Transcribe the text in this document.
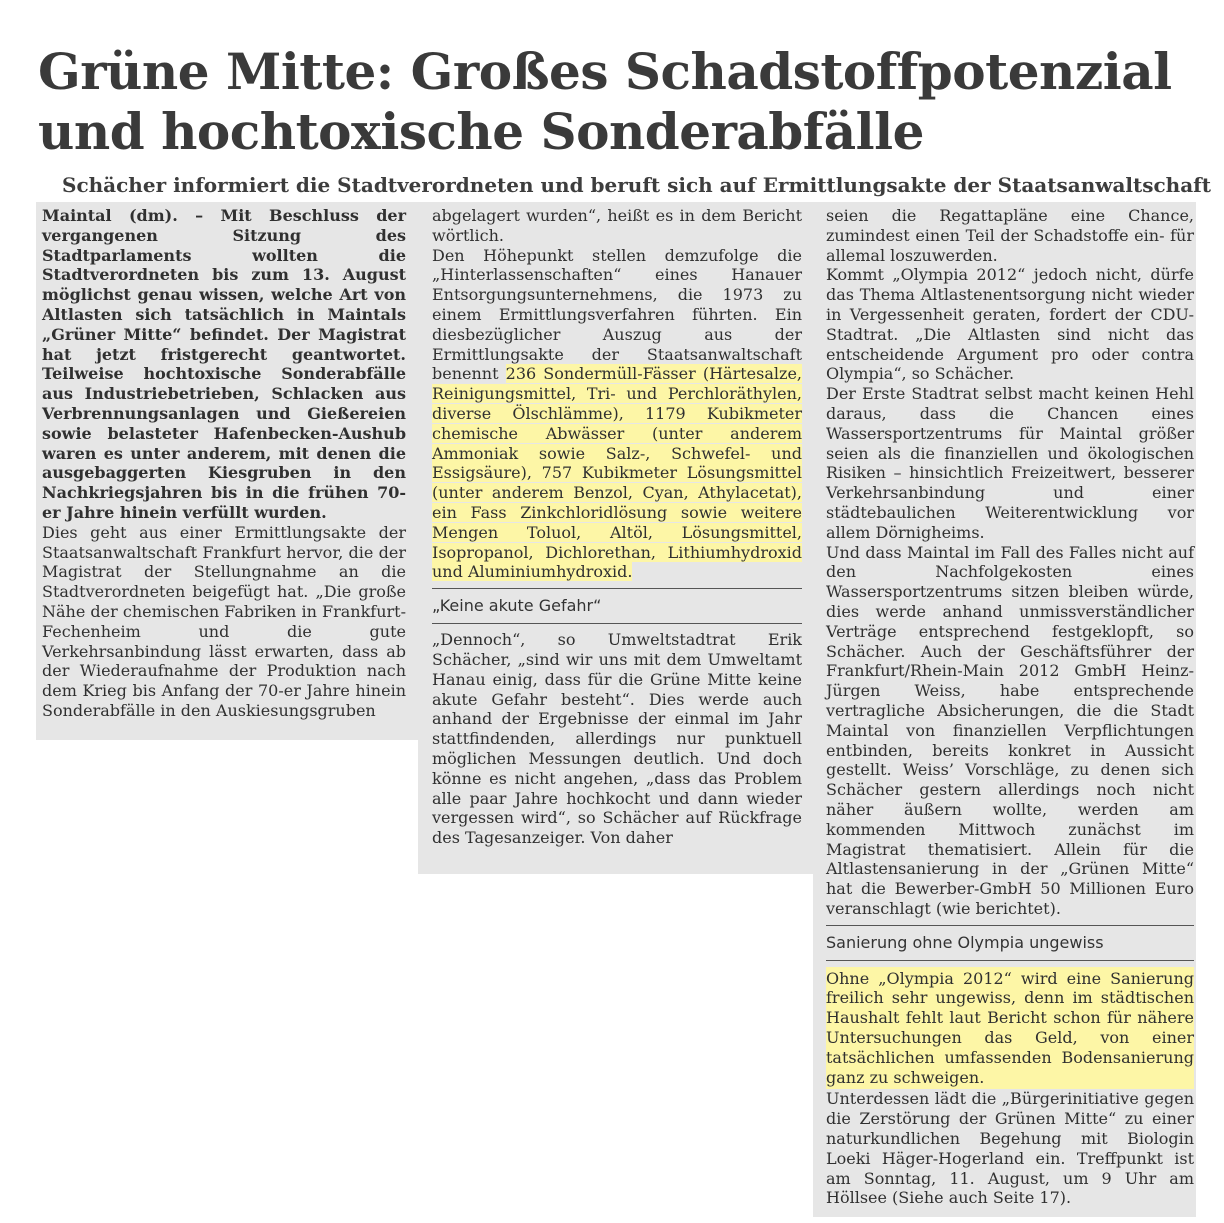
Grüne Mitte: Großes Schadstoffpotenzial und hochtoxische Sonderabfälle
Schächer informiert die Stadtverordneten und beruft sich auf Ermittlungsakte der Staatsanwaltschaft

Maintal (dm). – Mit Beschluss der vergangenen Sitzung des Stadtparlaments wollten die Stadtverordneten bis zum 13. August möglichst genau wissen, welche Art von Altlasten sich tatsächlich in Maintals „Grüner Mitte“ befindet. Der Magistrat hat jetzt fristgerecht geantwortet. Teilweise hochtoxische Sonderabfälle aus Industriebetrieben, Schlacken aus Verbrennungsanlagen und Gießereien sowie belasteter Hafenbecken-Aushub waren es unter anderem, mit denen die ausgebaggerten Kiesgruben in den Nachkriegsjahren bis in die frühen 70-er Jahre hinein verfüllt wurden.

Dies geht aus einer Ermittlungsakte der Staatsanwaltschaft Frankfurt hervor, die der Magistrat der Stellungnahme an die Stadtverordneten beigefügt hat. „Die große Nähe der chemischen Fabriken in Frankfurt-Fechenheim und die gute Verkehrsanbindung lässt erwarten, dass ab der Wiederaufnahme der Produktion nach dem Krieg bis Anfang der 70-er Jahre hinein Sonderabfälle in den Auskiesungsgruben

abgelagert wurden“, heißt es in dem Bericht wörtlich.

Den Höhepunkt stellen demzufolge die „Hinterlassenschaften“ eines Hanauer Entsorgungsunternehmens, die 1973 zu einem Ermittlungsverfahren führten. Ein diesbezüglicher Auszug aus der Ermittlungsakte der Staatsanwaltschaft benennt 236 Sondermüll-Fässer (Härtesalze, Reinigungsmittel, Tri- und Perchloräthylen, diverse Ölschlämme), 1179 Kubikmeter chemische Abwässer (unter anderem Ammoniak sowie Salz-, Schwefel- und Essigsäure), 757 Kubikmeter Lösungsmittel (unter anderem Benzol, Cyan, Athylacetat), ein Fass Zinkchloridlösung sowie weitere Mengen Toluol, Altöl, Lösungsmittel, Isopropanol, Dichlorethan, Lithiumhydroxid und Aluminiumhydroxid.

„Keine akute Gefahr“

„Dennoch“, so Umweltstadtrat Erik Schächer, „sind wir uns mit dem Umweltamt Hanau einig, dass für die Grüne Mitte keine akute Gefahr besteht“. Dies werde auch anhand der Ergebnisse der einmal im Jahr stattfindenden, allerdings nur punktuell möglichen Messungen deutlich. Und doch könne es nicht angehen, „dass das Problem alle paar Jahre hochkocht und dann wieder vergessen wird“, so Schächer auf Rückfrage des Tagesanzeiger. Von daher

seien die Regattapläne eine Chance, zumindest einen Teil der Schadstoffe ein- für allemal loszuwerden.

Kommt „Olympia 2012“ jedoch nicht, dürfe das Thema Altlastenentsorgung nicht wieder in Vergessenheit geraten, fordert der CDU-Stadtrat. „Die Altlasten sind nicht das entscheidende Argument pro oder contra Olympia“, so Schächer.

Der Erste Stadtrat selbst macht keinen Hehl daraus, dass die Chancen eines Wassersportzentrums für Maintal größer seien als die finanziellen und ökologischen Risiken – hinsichtlich Freizeitwert, besserer Verkehrsanbindung und einer städtebaulichen Weiterentwicklung vor allem Dörnigheims.

Und dass Maintal im Fall des Falles nicht auf den Nachfolgekosten eines Wassersportzentrums sitzen bleiben würde, dies werde anhand unmissverständlicher Verträge entsprechend festgeklopft, so Schächer. Auch der Geschäftsführer der Frankfurt/Rhein-Main 2012 GmbH Heinz-Jürgen Weiss, habe entsprechende vertragliche Absicherungen, die die Stadt Maintal von finanziellen Verpflichtungen entbinden, bereits konkret in Aussicht gestellt. Weiss’ Vorschläge, zu denen sich Schächer gestern allerdings noch nicht näher äußern wollte, werden am kommenden Mittwoch zunächst im Magistrat thematisiert. Allein für die Altlastensanierung in der „Grünen Mitte“ hat die Bewerber-GmbH 50 Millionen Euro veranschlagt (wie berichtet).

Sanierung ohne Olympia ungewiss

Ohne „Olympia 2012“ wird eine Sanierung freilich sehr ungewiss, denn im städtischen Haushalt fehlt laut Bericht schon für nähere Untersuchungen das Geld, von einer tatsächlichen umfassenden Bodensanierung ganz zu schweigen.

Unterdessen lädt die „Bürgerinitiative gegen die Zerstörung der Grünen Mitte“ zu einer naturkundlichen Begehung mit Biologin Loeki Häger-Hogerland ein. Treffpunkt ist am Sonntag, 11. August, um 9 Uhr am Höllsee (Siehe auch Seite 17).
